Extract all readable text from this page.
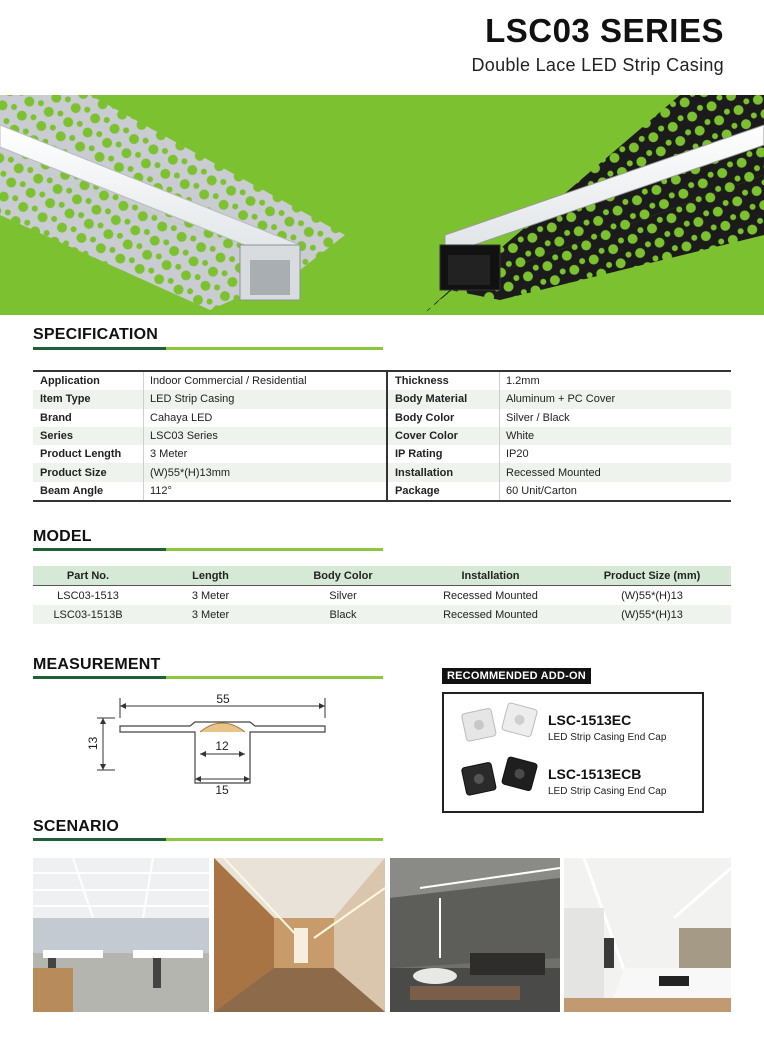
LSC03 SERIES
Double Lace LED Strip Casing
SPECIFICATION
Application	Indoor Commercial / Residential	Thickness	1.2mm
Item Type	LED Strip Casing	Body Material	Aluminum + PC Cover
Brand	Cahaya LED	Body Color	Silver / Black
Series	LSC03 Series	Cover Color	White
Product Length	3 Meter	IP Rating	IP20
Product Size	(W)55*(H)13mm	Installation	Recessed Mounted
Beam Angle	112°	Package	60 Unit/Carton
MODEL
Part No.	Length	Body Color	Installation	Product Size (mm)
LSC03-1513	3 Meter	Silver	Recessed Mounted	(W)55*(H)13
LSC03-1513B	3 Meter	Black	Recessed Mounted	(W)55*(H)13
MEASUREMENT
55
13	12
15
RECOMMENDED ADD-ON
LSC-1513EC
LED Strip Casing End Cap
LSC-1513ECB
LED Strip Casing End Cap
SCENARIO
